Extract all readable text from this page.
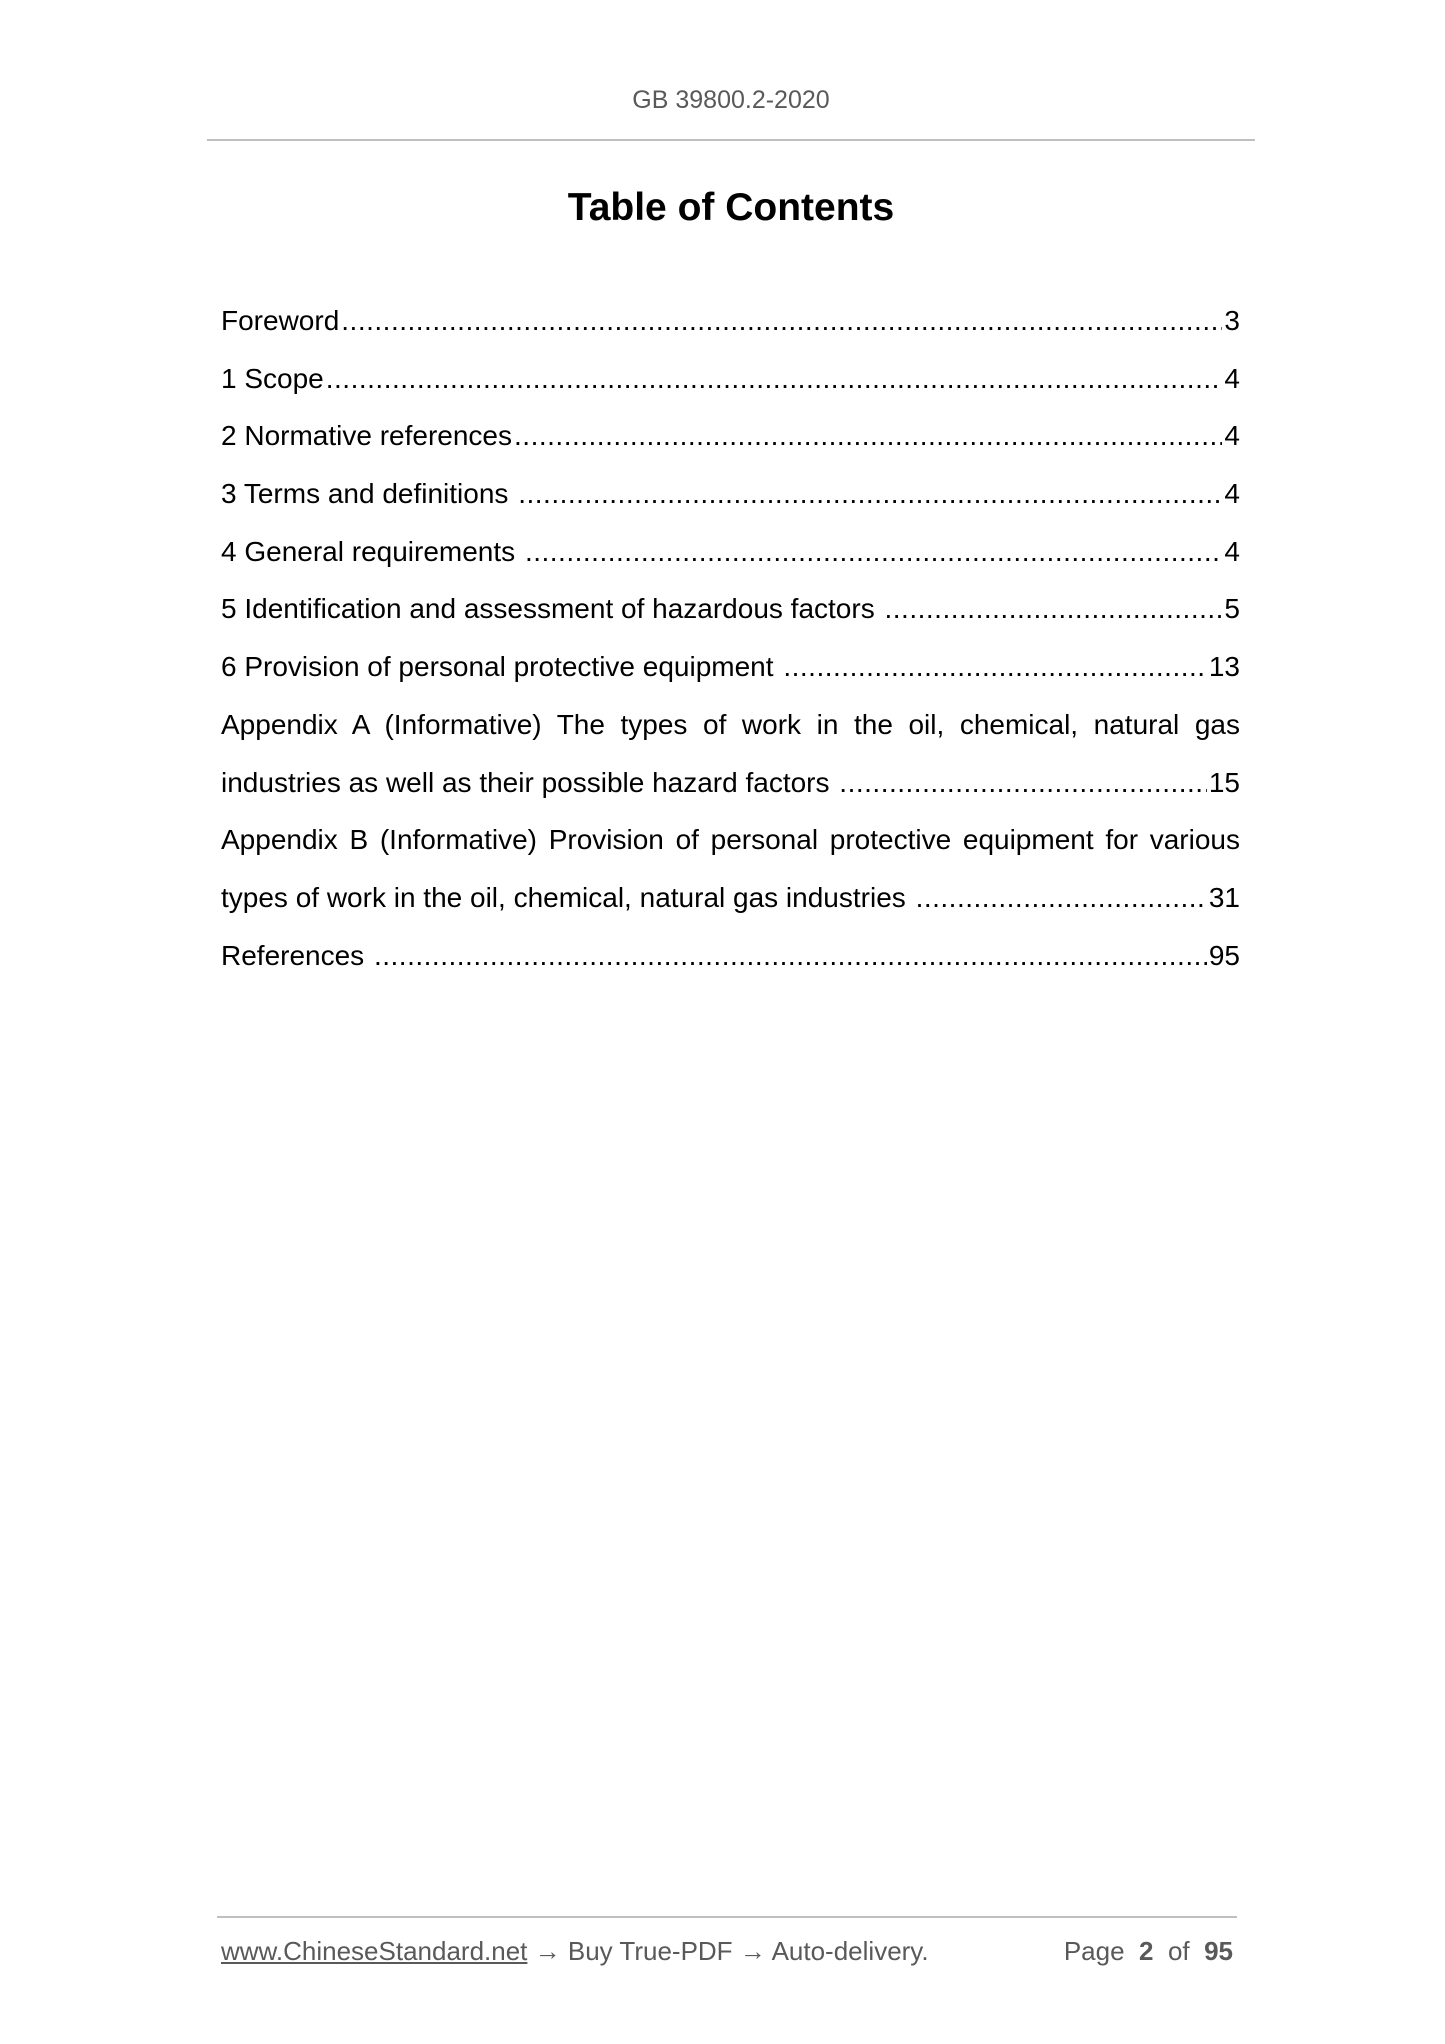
GB 39800.2-2020
Table of Contents
Foreword .....	3
1 Scope .....	4
2 Normative references .....	4
3 Terms and definitions .....	4
4 General requirements .....	4
5 Identification and assessment of hazardous factors .....	5
6 Provision of personal protective equipment .....	13
Appendix A (Informative) The types of work in the oil, chemical, natural gas
industries as well as their possible hazard factors .....	15
Appendix B (Informative) Provision of personal protective equipment for various
types of work in the oil, chemical, natural gas industries .....	31
References .....	95
www.ChineseStandard.net → Buy True-PDF → Auto-delivery.	Page 2 of 95
